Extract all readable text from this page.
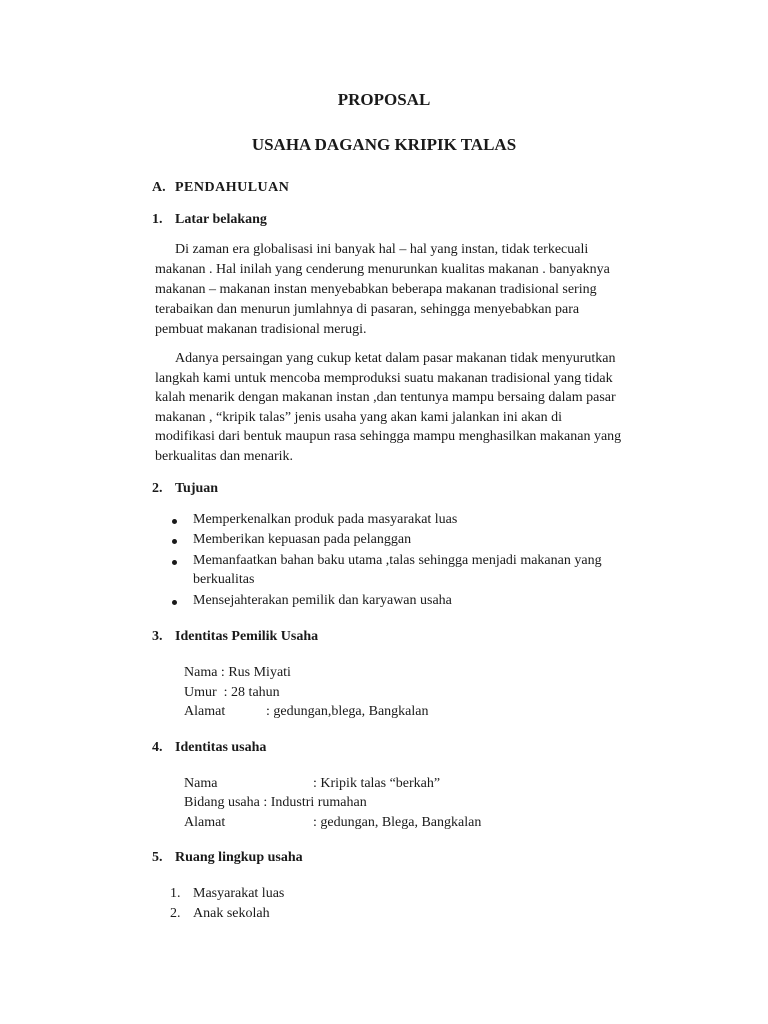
PROPOSAL
USAHA DAGANG KRIPIK TALAS
A. PENDAHULUAN
1. Latar belakang
Di zaman era globalisasi ini banyak hal – hal yang instan, tidak terkecuali
makanan . Hal inilah yang cenderung menurunkan kualitas makanan . banyaknya
makanan – makanan instan menyebabkan beberapa makanan tradisional sering
terabaikan dan menurun jumlahnya di pasaran, sehingga menyebabkan para
pembuat makanan tradisional merugi.
Adanya persaingan yang cukup ketat dalam pasar makanan tidak menyurutkan
langkah kami untuk mencoba memproduksi suatu makanan tradisional yang tidak
kalah menarik dengan makanan instan ,dan tentunya mampu bersaing dalam pasar
makanan , “kripik talas” jenis usaha yang akan kami jalankan ini akan di
modifikasi dari bentuk maupun rasa sehingga mampu menghasilkan makanan yang
berkualitas dan menarik.
2. Tujuan
Memperkenalkan produk pada masyarakat luas
Memberikan kepuasan pada pelanggan
Memanfaatkan bahan baku utama ,talas sehingga menjadi makanan yang
berkualitas
Mensejahterakan pemilik dan karyawan usaha
3. Identitas Pemilik Usaha
Nama : Rus Miyati
Umur  : 28 tahun
Alamat	: gedungan,blega, Bangkalan
4. Identitas usaha
Nama	: Kripik talas “berkah”
Bidang usaha : Industri rumahan
Alamat	: gedungan, Blega, Bangkalan
5. Ruang lingkup usaha
1. Masyarakat luas
2. Anak sekolah
